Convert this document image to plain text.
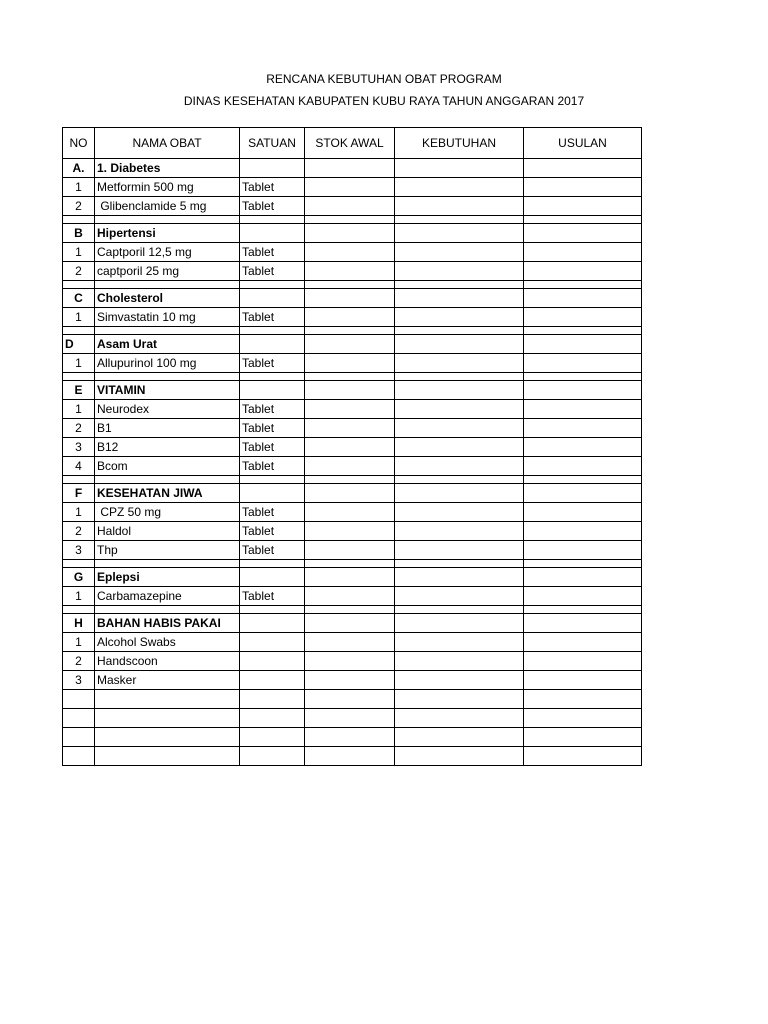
RENCANA KEBUTUHAN OBAT PROGRAM
DINAS KESEHATAN KABUPATEN KUBU RAYA TAHUN ANGGARAN 2017
NO	NAMA OBAT	SATUAN	STOK AWAL	KEBUTUHAN	USULAN
A.	1. Diabetes				
1	Metformin 500 mg	Tablet			
2	Glibenclamide 5 mg	Tablet			

B	Hipertensi				
1	Captporil 12,5 mg	Tablet			
2	captporil 25 mg	Tablet			

C	Cholesterol				
1	Simvastatin 10 mg	Tablet			

D	Asam Urat				
1	Allupurinol 100 mg	Tablet			

E	VITAMIN				
1	Neurodex	Tablet			
2	B1	Tablet			
3	B12	Tablet			
4	Bcom	Tablet			

F	KESEHATAN JIWA				
1	CPZ 50 mg	Tablet			
2	Haldol	Tablet			
3	Thp	Tablet			

G	Eplepsi				
1	Carbamazepine	Tablet			

H	BAHAN HABIS PAKAI				
1	Alcohol Swabs				
2	Handscoon				
3	Masker				
